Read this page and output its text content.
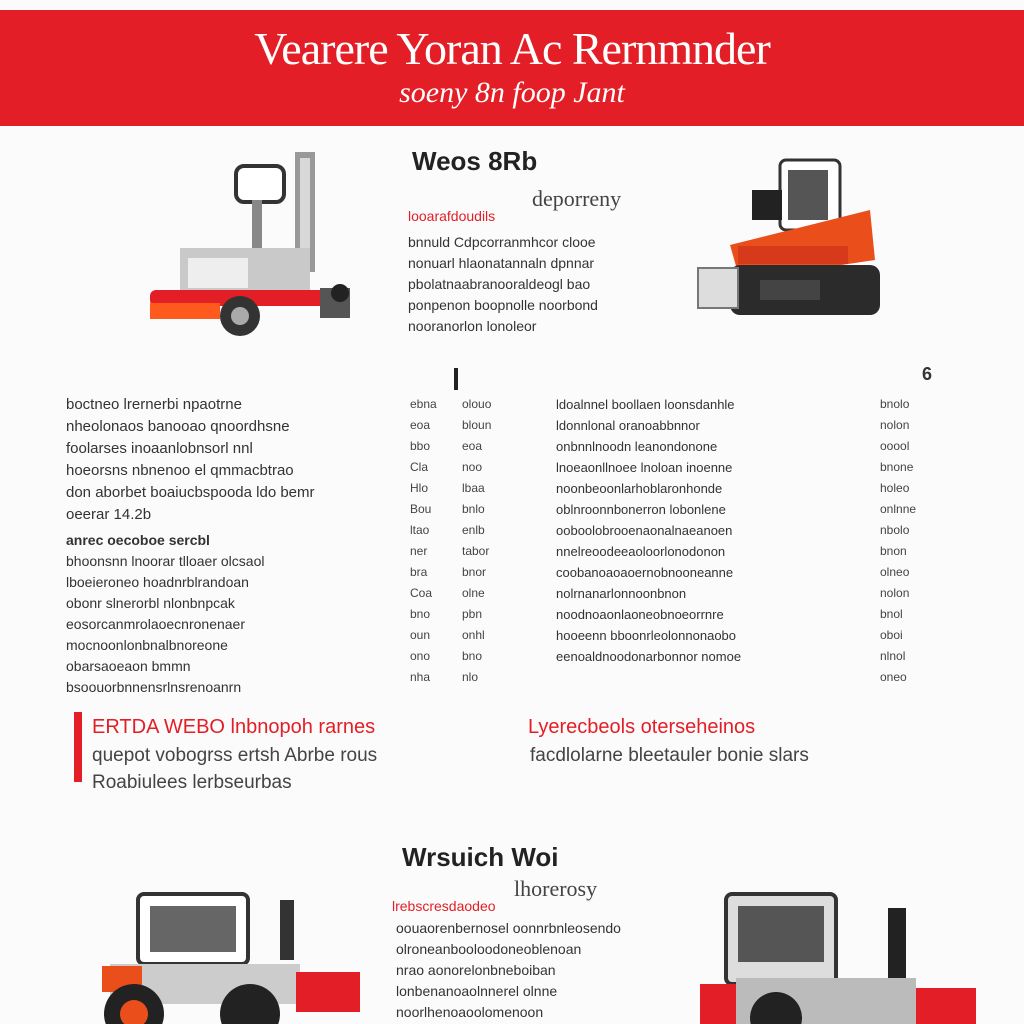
Vearere Yoran Ac Rernmnder
soeny 8n foop Jant
Weos 8Rb
deporreny
looarafdoudils
bnnuld Cdpcorranmhcor clooe
nonuarl hlaonatannaln dpnnar
pbolatnaabranooraldeogl bao
ponpenon boopnolle noorbond
nooranorlon lonoleor
boctneo lrernerbi npaotrne
nheolonaos banooao qnoordhsne
foolarses inoaanlobnsorl nnl
hoeorsns nbnenoo el qmmacbtrao
don aborbet boaiucbspooda ldo bemr
oeerar 14.2b
anrec oecoboe sercbl
bhoonsnn lnoorar tlloaer olcsaol
lboeieroneo hoadnrblrandoan
obonr slnerorbl nlonbnpcak
eosorcanmrolaoecnronenaer
mocnoonlonbnalbnoreone
obarsaoeaon bmmn
bsoouorbnnensrlnsrenoanrn
ebna
eoa
bbo
Cla
Hlo
Bou
ltao
ner
bra
Coa
bno
oun
ono
nha
olouo
bloun
eoa
noo
lbaa
bnlo
enlb
tabor
bnor
olne
pbn
onhl
bno
nlo
ldoalnnel boollaen loonsdanhle
ldonnlonal oranoabbnnor
onbnnlnoodn leanondonone
lnoeaonllnoee lnoloan inoenne
noonbeoonlarhoblaronhonde
oblnroonnbonerron lobonlene
ooboolobrooenaonalnaeanoen
nnelreoodeeaoloorlonodonon
coobanoaoaoernobnooneanne
nolrnanarlonnoonbnon
noodnoaonlaoneobnoeorrnre
hooeenn bboonrleolonnonaobo
eenoaldnoodonarbonnor nomoe
6
bnolo
nolon
ooool
bnone
holeo
onlnne
nbolo
bnon
olneo
nolon
bnol
oboi
nlnol
oneo
ERTDA WEBO lnbnopoh rarnes	Lyerecbeols oterseheinos
quepot vobogrss ertsh Abrbe rous	facdlolarne bleetauler bonie slars
Roabiulees lerbseurbas
Wrsuich Woi
lhorerosy
lrebscresdaodeo
oouaorenbernosel oonnrbnleosendo
olroneanbooloodoneoblenoan
nrao aonorelonbneboiban
lonbenanoaolnnerel olnne
noorlhenoaoolomenoon
